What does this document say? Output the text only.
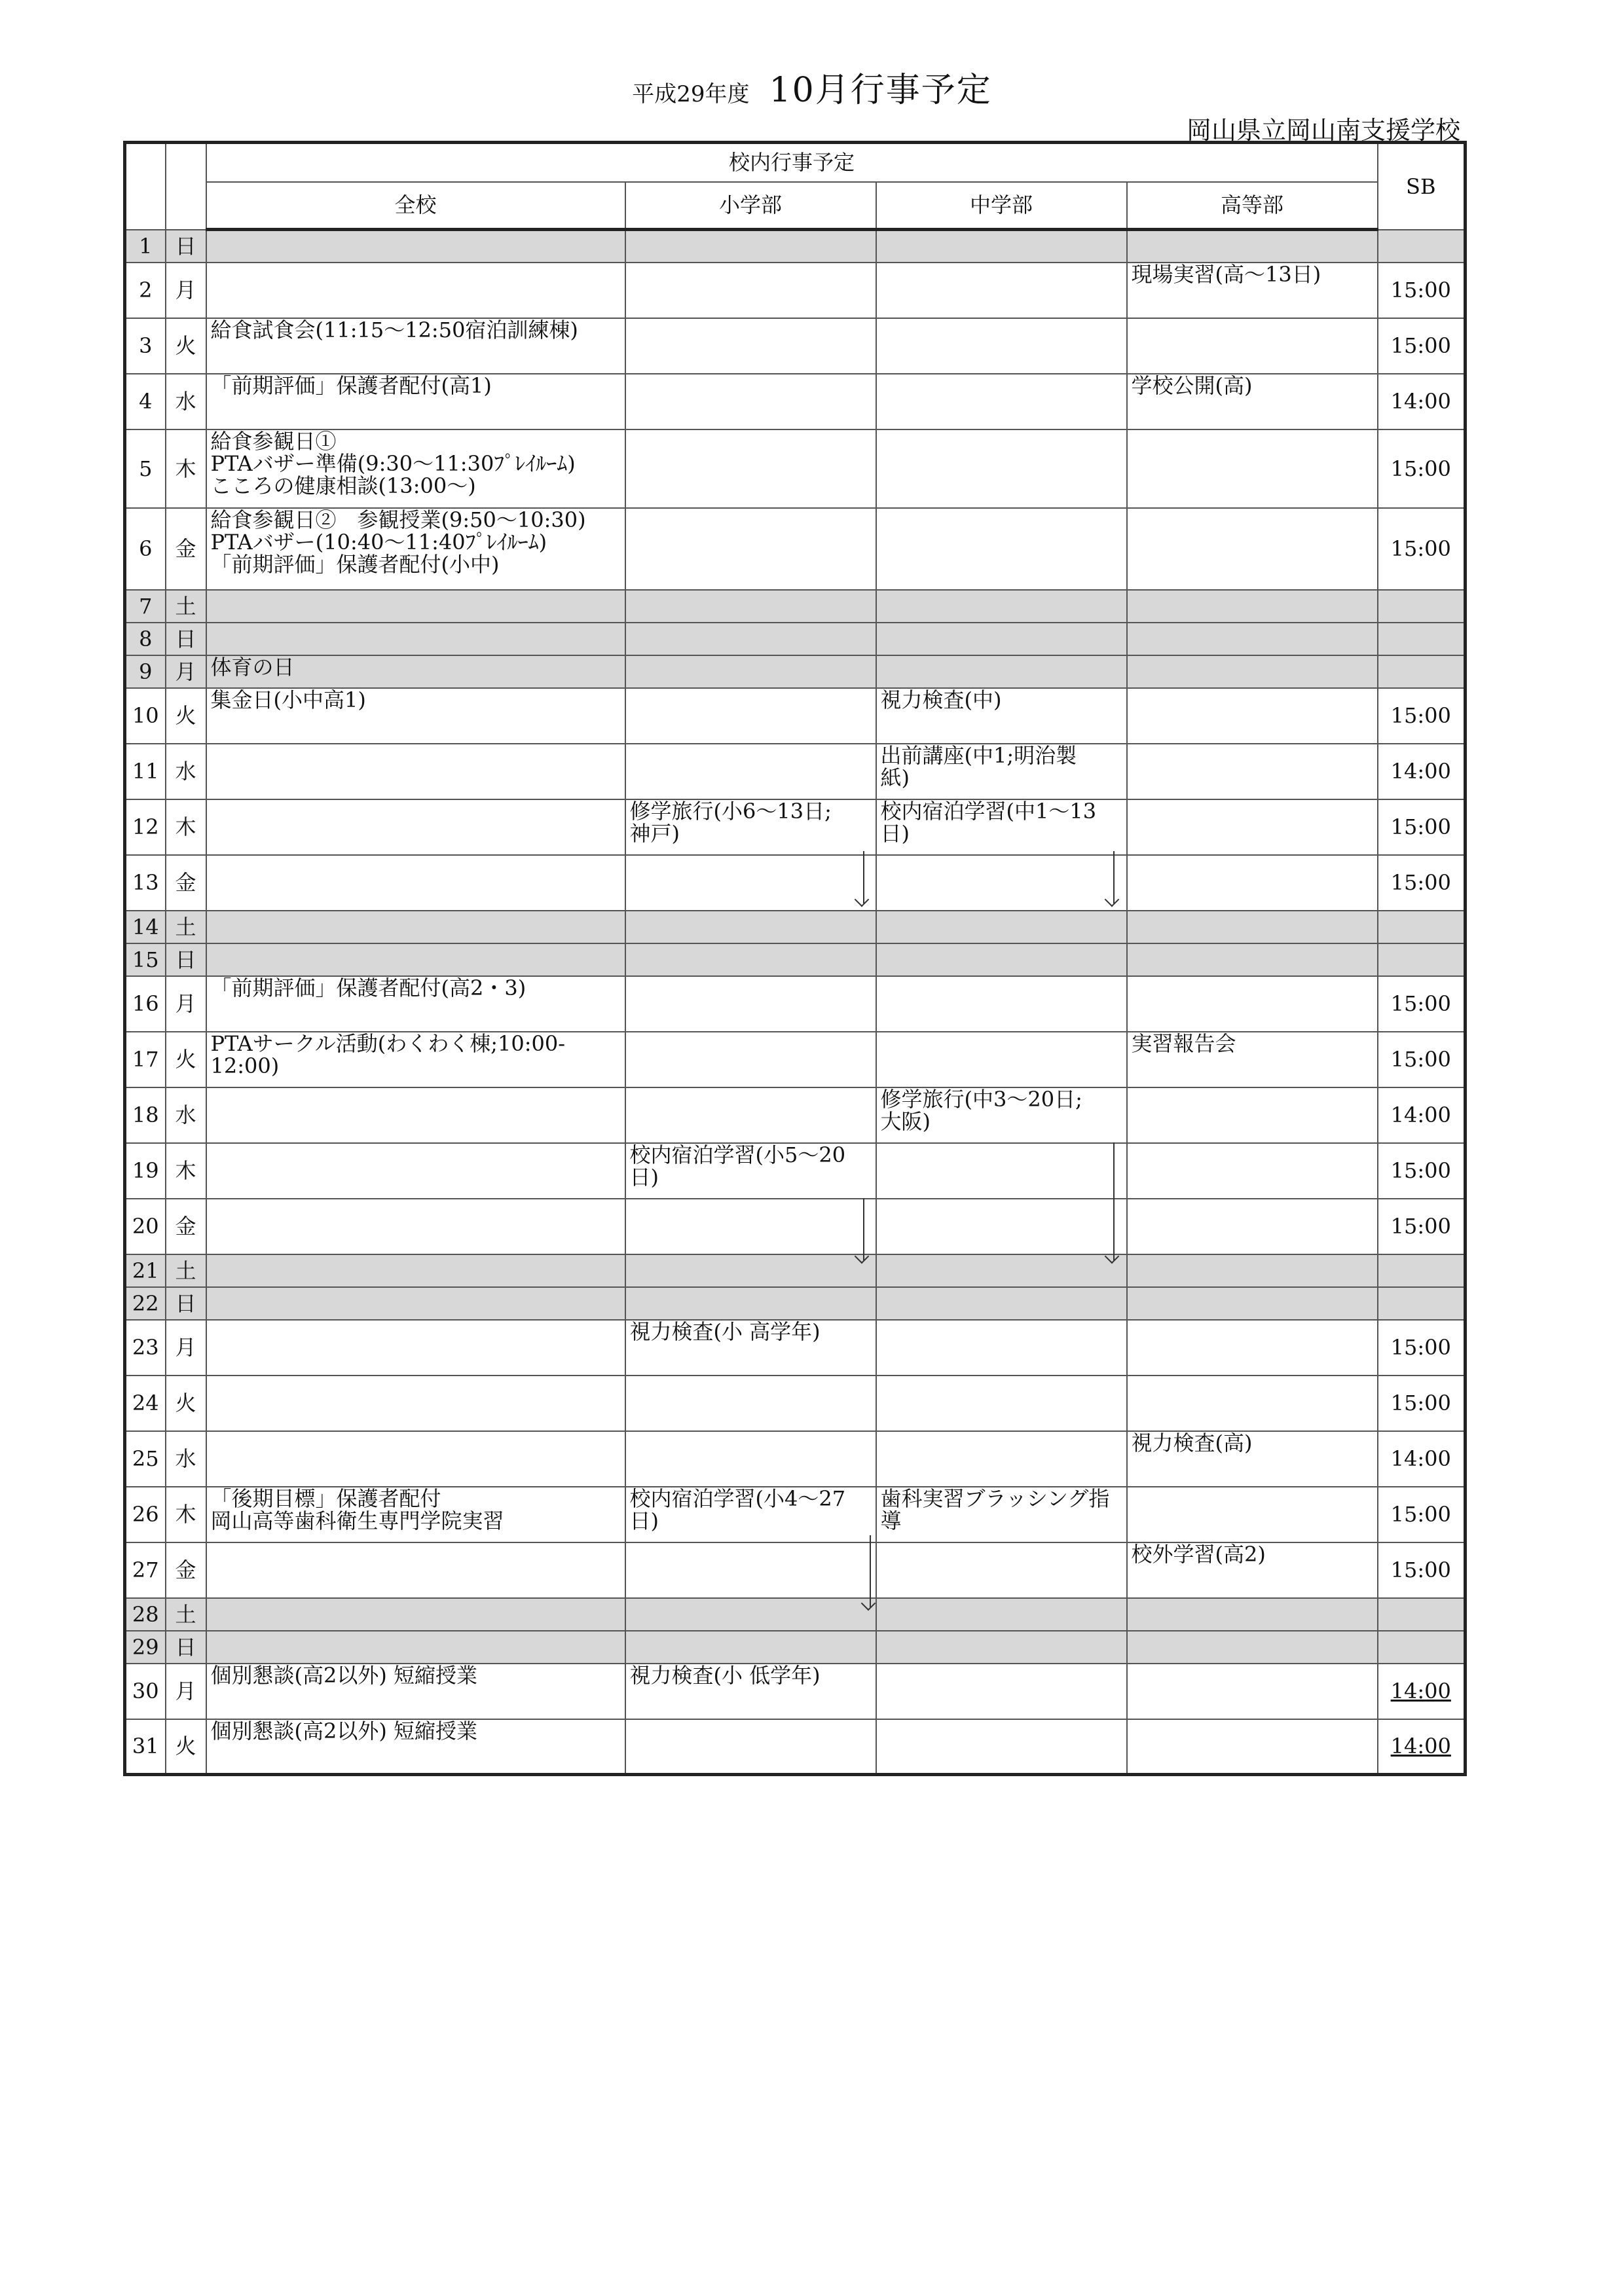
平成29年度 10月行事予定
岡山県立岡山南支援学校
		校内行事予定				SB
		全校	小学部	中学部	高等部	
1	日					
2	月				現場実習(高〜13日)	15:00
3	火	給食試食会(11:15〜12:50宿泊訓練棟)				15:00
4	水	「前期評価」保護者配付(高1)			学校公開(高)	14:00
5	木	給食参観日①
PTAバザー準備(9:30〜11:30ﾌﾟﾚｲﾙｰﾑ)
こころの健康相談(13:00〜)				15:00
6	金	給食参観日②　参観授業(9:50〜10:30)
PTAバザー(10:40〜11:40ﾌﾟﾚｲﾙｰﾑ)
「前期評価」保護者配付(小中)				15:00
7	土					
8	日					
9	月	体育の日				
10	火	集金日(小中高1)		視力検査(中)		15:00
11	水			出前講座(中1;明治製
紙)		14:00
12	木		修学旅行(小6〜13日;
神戸)	校内宿泊学習(中1〜13
日)		15:00
13	金					15:00
14	土					
15	日					
16	月	「前期評価」保護者配付(高2・3)				15:00
17	火	PTAサークル活動(わくわく棟;10:00-
12:00)			実習報告会	15:00
18	水			修学旅行(中3〜20日;
大阪)		14:00
19	木		校内宿泊学習(小5〜20
日)			15:00
20	金					15:00
21	土					
22	日					
23	月		視力検査(小 高学年)			15:00
24	火					15:00
25	水				視力検査(高)	14:00
26	木	「後期目標」保護者配付
岡山高等歯科衛生専門学院実習	校内宿泊学習(小4〜27
日)	歯科実習ブラッシング指
導		15:00
27	金				校外学習(高2)	15:00
28	土					
29	日					
30	月	個別懇談(高2以外) 短縮授業	視力検査(小 低学年)			14:00
31	火	個別懇談(高2以外) 短縮授業				14:00
